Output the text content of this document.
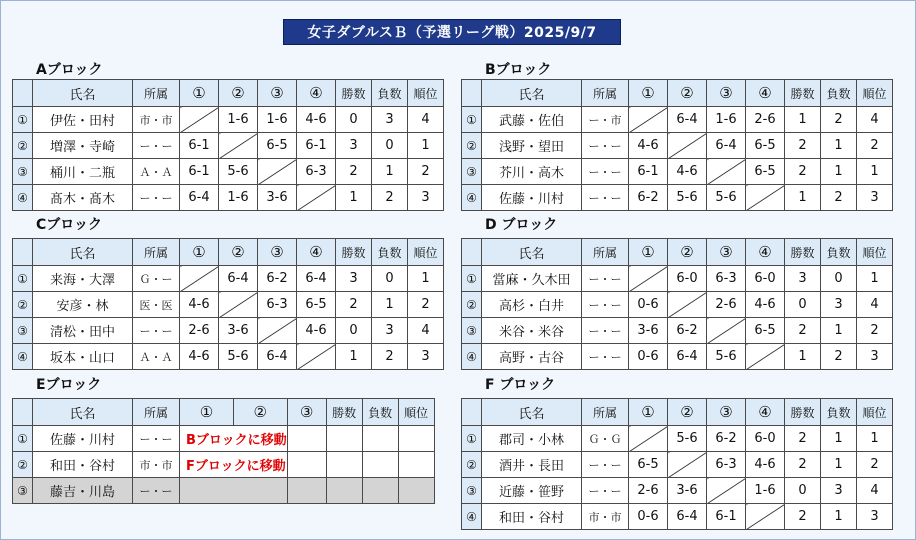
女子ダブルスＢ（予選リーグ戦）2025/9/7
Aブロック	Bブロック
Cブロック	D ブロック
Eブロック	F ブロック
	氏名	所属	①	②	③	④	勝数	負数	順位
①	伊佐・田村	市・市		1-6	1-6	4-6	0	3	4
②	増澤・寺崎	ー・ー	6-1		6-5	6-1	3	0	1
③	桶川・二瓶	Ａ・Ａ	6-1	5-6		6-3	2	1	2
④	髙木・髙木	ー・ー	6-4	1-6	3-6		1	2	3
	氏名	所属	①	②	③	④	勝数	負数	順位
①	武藤・佐伯	ー・市		6-4	1-6	2-6	1	2	4
②	浅野・望田	ー・ー	4-6		6-4	6-5	2	1	2
③	芥川・高木	ー・ー	6-1	4-6		6-5	2	1	1
④	佐藤・川村	ー・ー	6-2	5-6	5-6		1	2	3
	氏名	所属	①	②	③	④	勝数	負数	順位
①	来海・大澤	Ｇ・ー		6-4	6-2	6-4	3	0	1
②	安彦・林	医・医	4-6		6-3	6-5	2	1	2
③	清松・田中	ー・ー	2-6	3-6		4-6	0	3	4
④	坂本・山口	Ａ・Ａ	4-6	5-6	6-4		1	2	3
	氏名	所属	①	②	③	④	勝数	負数	順位
①	當麻・久木田	ー・ー		6-0	6-3	6-0	3	0	1
②	高杉・白井	ー・ー	0-6		2-6	4-6	0	3	4
③	米谷・米谷	ー・ー	3-6	6-2		6-5	2	1	2
④	高野・古谷	ー・ー	0-6	6-4	5-6		1	2	3
	氏名	所属	①	②	③	勝数	負数	順位
①	佐藤・川村	ー・ー	Bブロックに移動					
②	和田・谷村	市・市	Fブロックに移動					
③	藤吉・川島	ー・ー						
	氏名	所属	①	②	③	④	勝数	負数	順位
①	郡司・小林	Ｇ・Ｇ		5-6	6-2	6-0	2	1	1
②	酒井・長田	ー・ー	6-5		6-3	4-6	2	1	2
③	近藤・笹野	ー・ー	2-6	3-6		1-6	0	3	4
④	和田・谷村	市・市	0-6	6-4	6-1		2	1	3
